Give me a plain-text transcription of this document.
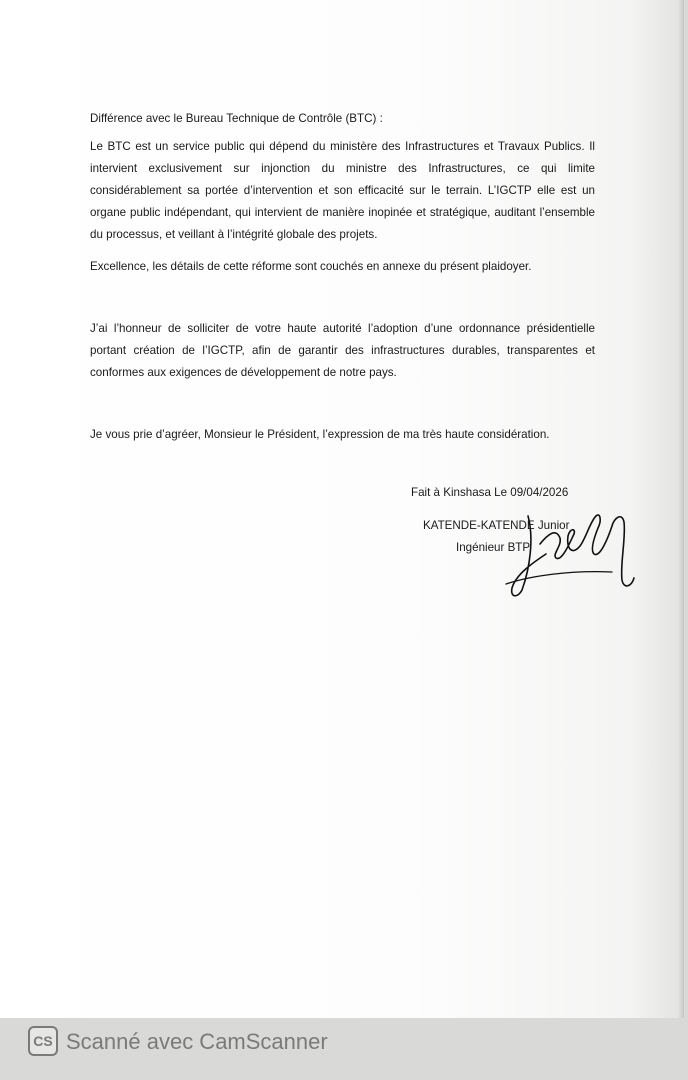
Différence avec le Bureau Technique de Contrôle (BTC) :

Le BTC est un service public qui dépend du ministère des Infrastructures et Travaux Publics. Il intervient exclusivement sur injonction du ministre des Infrastructures, ce qui limite considérablement sa portée d’intervention et son efficacité sur le terrain. L’IGCTP elle est un organe public indépendant, qui intervient de manière inopinée et stratégique, auditant l’ensemble du processus, et veillant à l’intégrité globale des projets.

Excellence, les détails de cette réforme sont couchés en annexe du présent plaidoyer.

J’ai l’honneur de solliciter de votre haute autorité l’adoption d’une ordonnance présidentielle portant création de l’IGCTP, afin de garantir des infrastructures durables, transparentes et conformes aux exigences de développement de notre pays.

Je vous prie d’agréer, Monsieur le Président, l’expression de ma très haute considération.

Fait à Kinshasa Le 09/04/2026
KATENDE-KATENDE Junior
Ingénieur BTP
CS Scanné avec CamScanner
